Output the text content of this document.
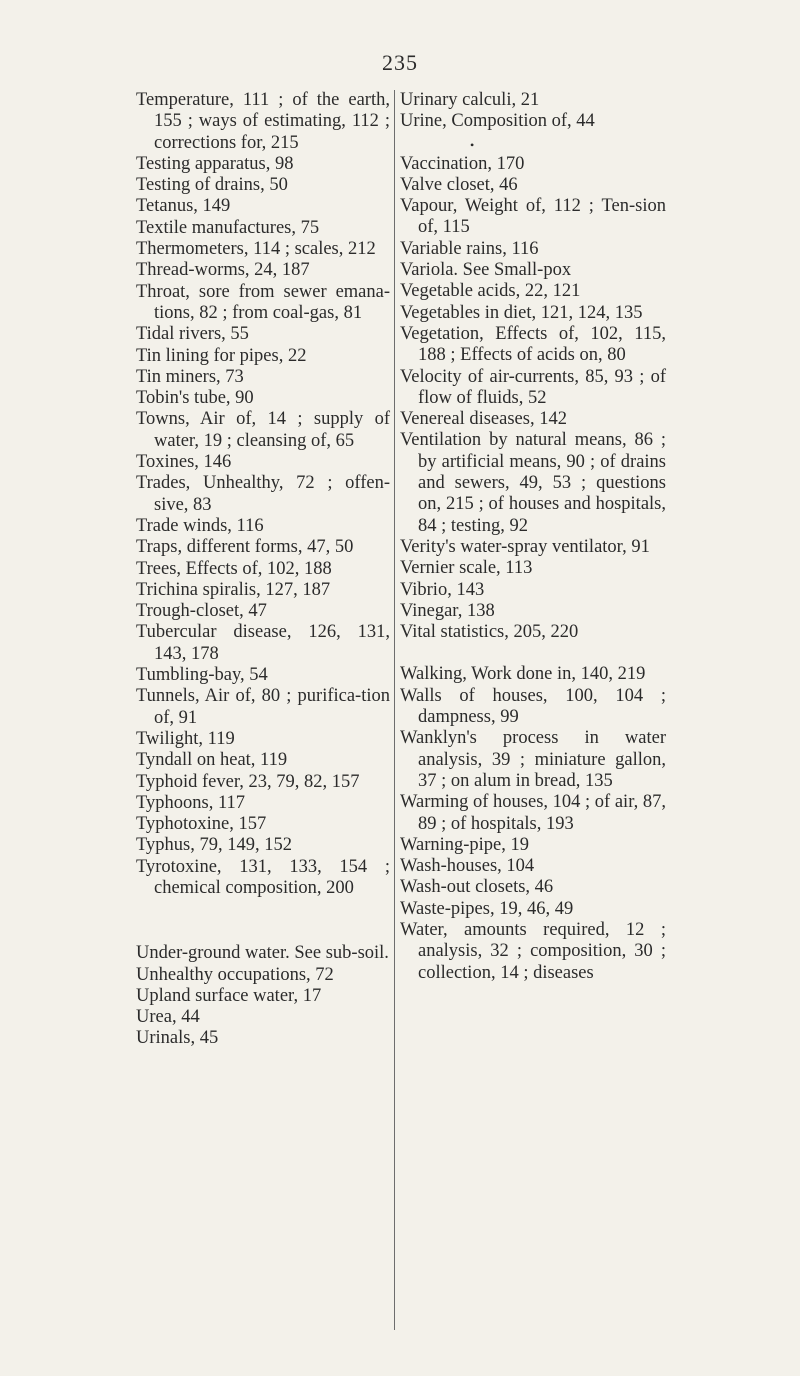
235

Temperature, 111 ; of the earth, 155 ; ways of estimating, 112 ; corrections for, 215

Testing apparatus, 98

Testing of drains, 50

Tetanus, 149

Textile manufactures, 75

Thermometers, 114 ; scales, 212

Thread-worms, 24, 187

Throat, sore from sewer emana-tions, 82 ; from coal-gas, 81

Tidal rivers, 55

Tin lining for pipes, 22

Tin miners, 73

Tobin's tube, 90

Towns, Air of, 14 ; supply of water, 19 ; cleansing of, 65

Toxines, 146

Trades, Unhealthy, 72 ; offen-sive, 83

Trade winds, 116

Traps, different forms, 47, 50

Trees, Effects of, 102, 188

Trichina spiralis, 127, 187

Trough-closet, 47

Tubercular disease, 126, 131, 143, 178

Tumbling-bay, 54

Tunnels, Air of, 80 ; purifica-tion of, 91

Twilight, 119

Tyndall on heat, 119

Typhoid fever, 23, 79, 82, 157

Typhoons, 117

Typhotoxine, 157

Typhus, 79, 149, 152

Tyrotoxine, 131, 133, 154 ; chemical composition, 200

Under-ground water. See sub-soil.

Unhealthy occupations, 72

Upland surface water, 17

Urea, 44

Urinals, 45

Urinary calculi, 21

Urine, Composition of, 44

•

Vaccination, 170

Valve closet, 46

Vapour, Weight of, 112 ; Ten-sion of, 115

Variable rains, 116

Variola. See Small-pox

Vegetable acids, 22, 121

Vegetables in diet, 121, 124, 135

Vegetation, Effects of, 102, 115, 188 ; Effects of acids on, 80

Velocity of air-currents, 85, 93 ; of flow of fluids, 52

Venereal diseases, 142

Ventilation by natural means, 86 ; by artificial means, 90 ; of drains and sewers, 49, 53 ; questions on, 215 ; of houses and hospitals, 84 ; testing, 92

Verity's water-spray ventilator, 91

Vernier scale, 113

Vibrio, 143

Vinegar, 138

Vital statistics, 205, 220

Walking, Work done in, 140, 219

Walls of houses, 100, 104 ; dampness, 99

Wanklyn's process in water analysis, 39 ; miniature gallon, 37 ; on alum in bread, 135

Warming of houses, 104 ; of air, 87, 89 ; of hospitals, 193

Warning-pipe, 19

Wash-houses, 104

Wash-out closets, 46

Waste-pipes, 19, 46, 49

Water, amounts required, 12 ; analysis, 32 ; composition, 30 ; collection, 14 ; diseases
